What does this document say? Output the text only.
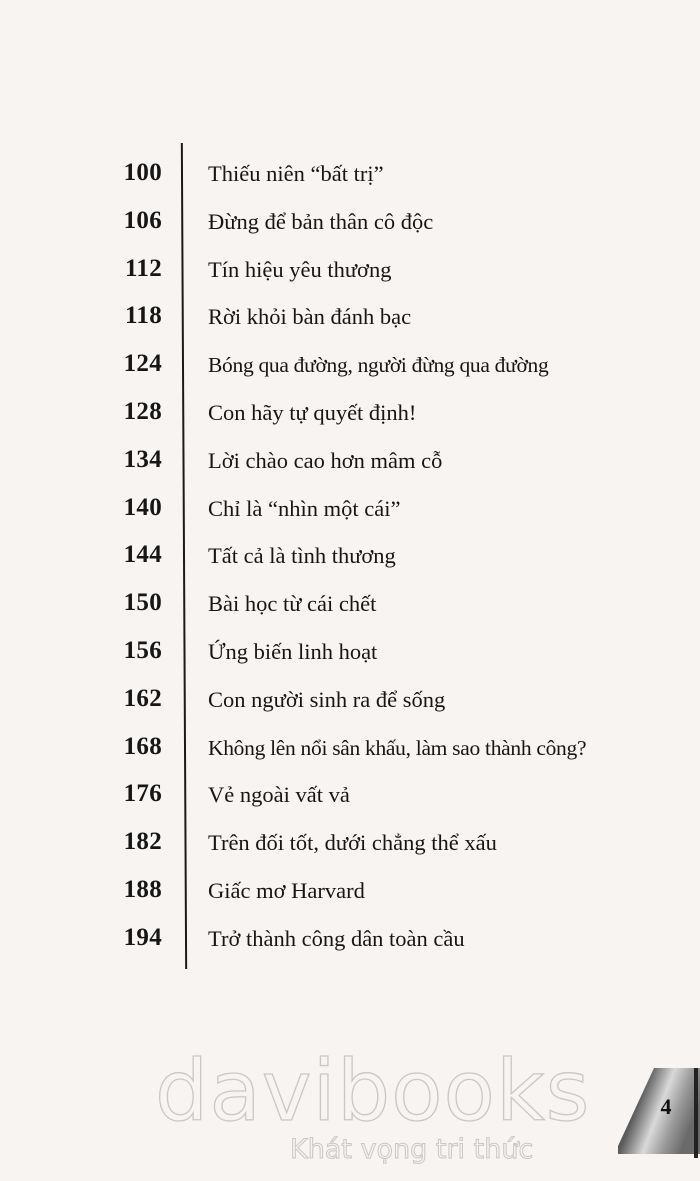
100 Thiếu niên “bất trị”
106 Đừng để bản thân cô độc
112 Tín hiệu yêu thương
118 Rời khỏi bàn đánh bạc
124 Bóng qua đường, người đừng qua đường
128 Con hãy tự quyết định!
134 Lời chào cao hơn mâm cỗ
140 Chỉ là “nhìn một cái”
144 Tất cả là tình thương
150 Bài học từ cái chết
156 Ứng biến linh hoạt
162 Con người sinh ra để sống
168 Không lên nổi sân khấu, làm sao thành công?
176 Vẻ ngoài vất vả
182 Trên đối tốt, dưới chẳng thể xấu
188 Giấc mơ Harvard
194 Trở thành công dân toàn cầu
davibooks
Khát vọng tri thức
4
